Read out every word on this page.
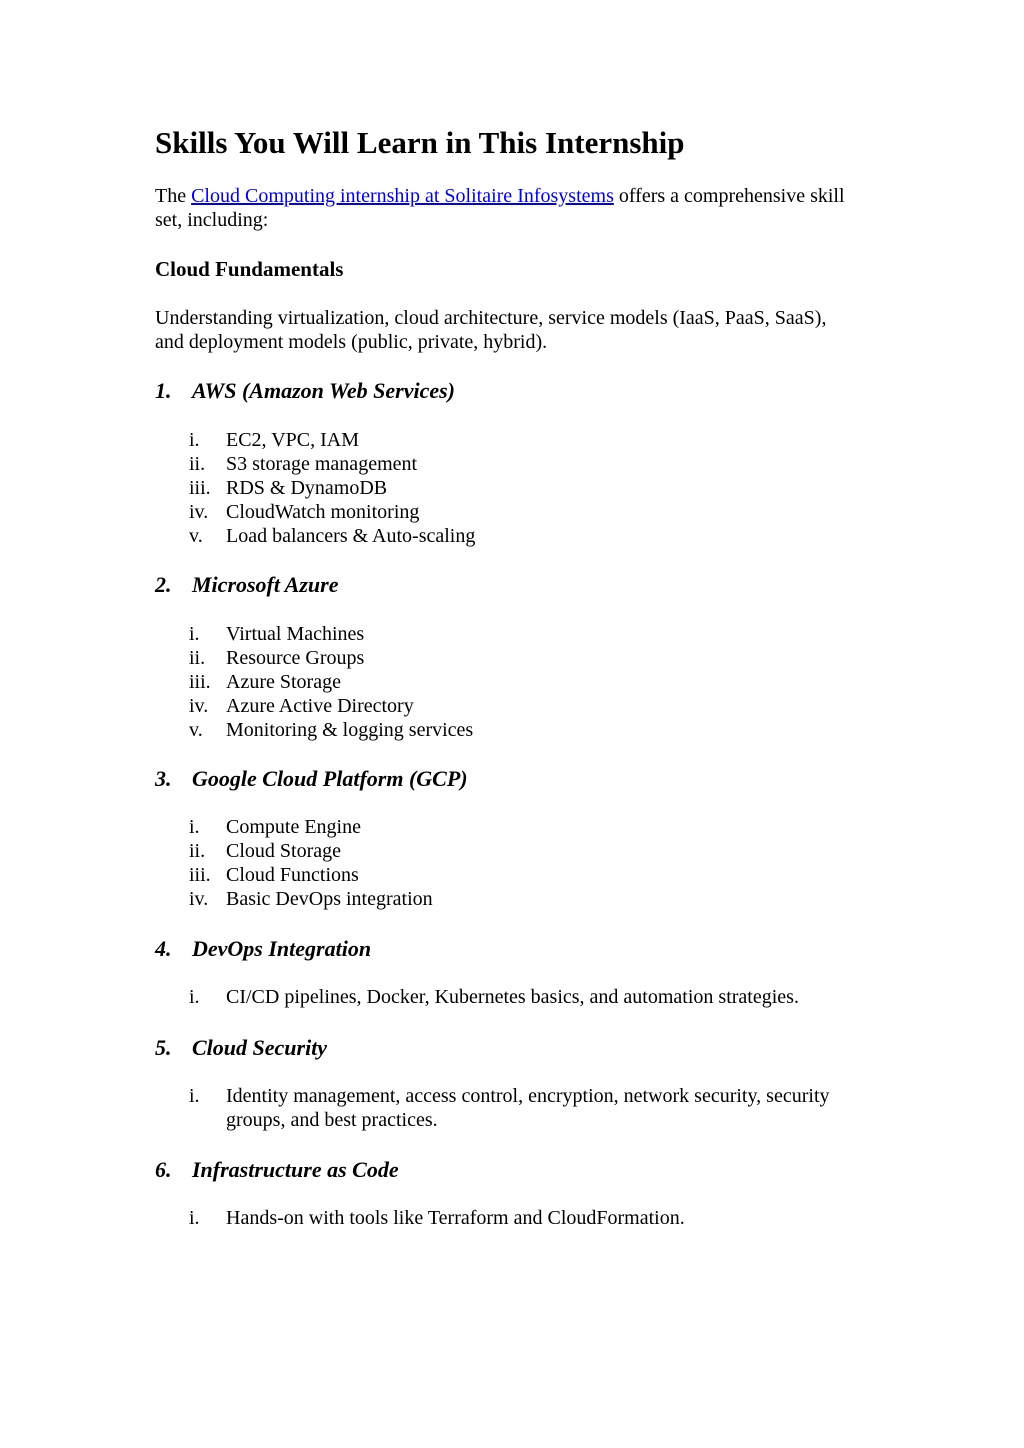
Skills You Will Learn in This Internship
The Cloud Computing internship at Solitaire Infosystems offers a comprehensive skill set, including:
Cloud Fundamentals
Understanding virtualization, cloud architecture, service models (IaaS, PaaS, SaaS), and deployment models (public, private, hybrid).
1. AWS (Amazon Web Services)
i.	EC2, VPC, IAM
ii.	S3 storage management
iii. RDS & DynamoDB
iv. CloudWatch monitoring
v.	Load balancers & Auto-scaling
2. Microsoft Azure
i.	Virtual Machines
ii.	Resource Groups
iii. Azure Storage
iv. Azure Active Directory
v.	Monitoring & logging services
3. Google Cloud Platform (GCP)
i.	Compute Engine
ii.	Cloud Storage
iii. Cloud Functions
iv. Basic DevOps integration
4. DevOps Integration
i.	CI/CD pipelines, Docker, Kubernetes basics, and automation strategies.
5. Cloud Security
i.	Identity management, access control, encryption, network security, security groups, and best practices.
6. Infrastructure as Code
i.	Hands-on with tools like Terraform and CloudFormation.
